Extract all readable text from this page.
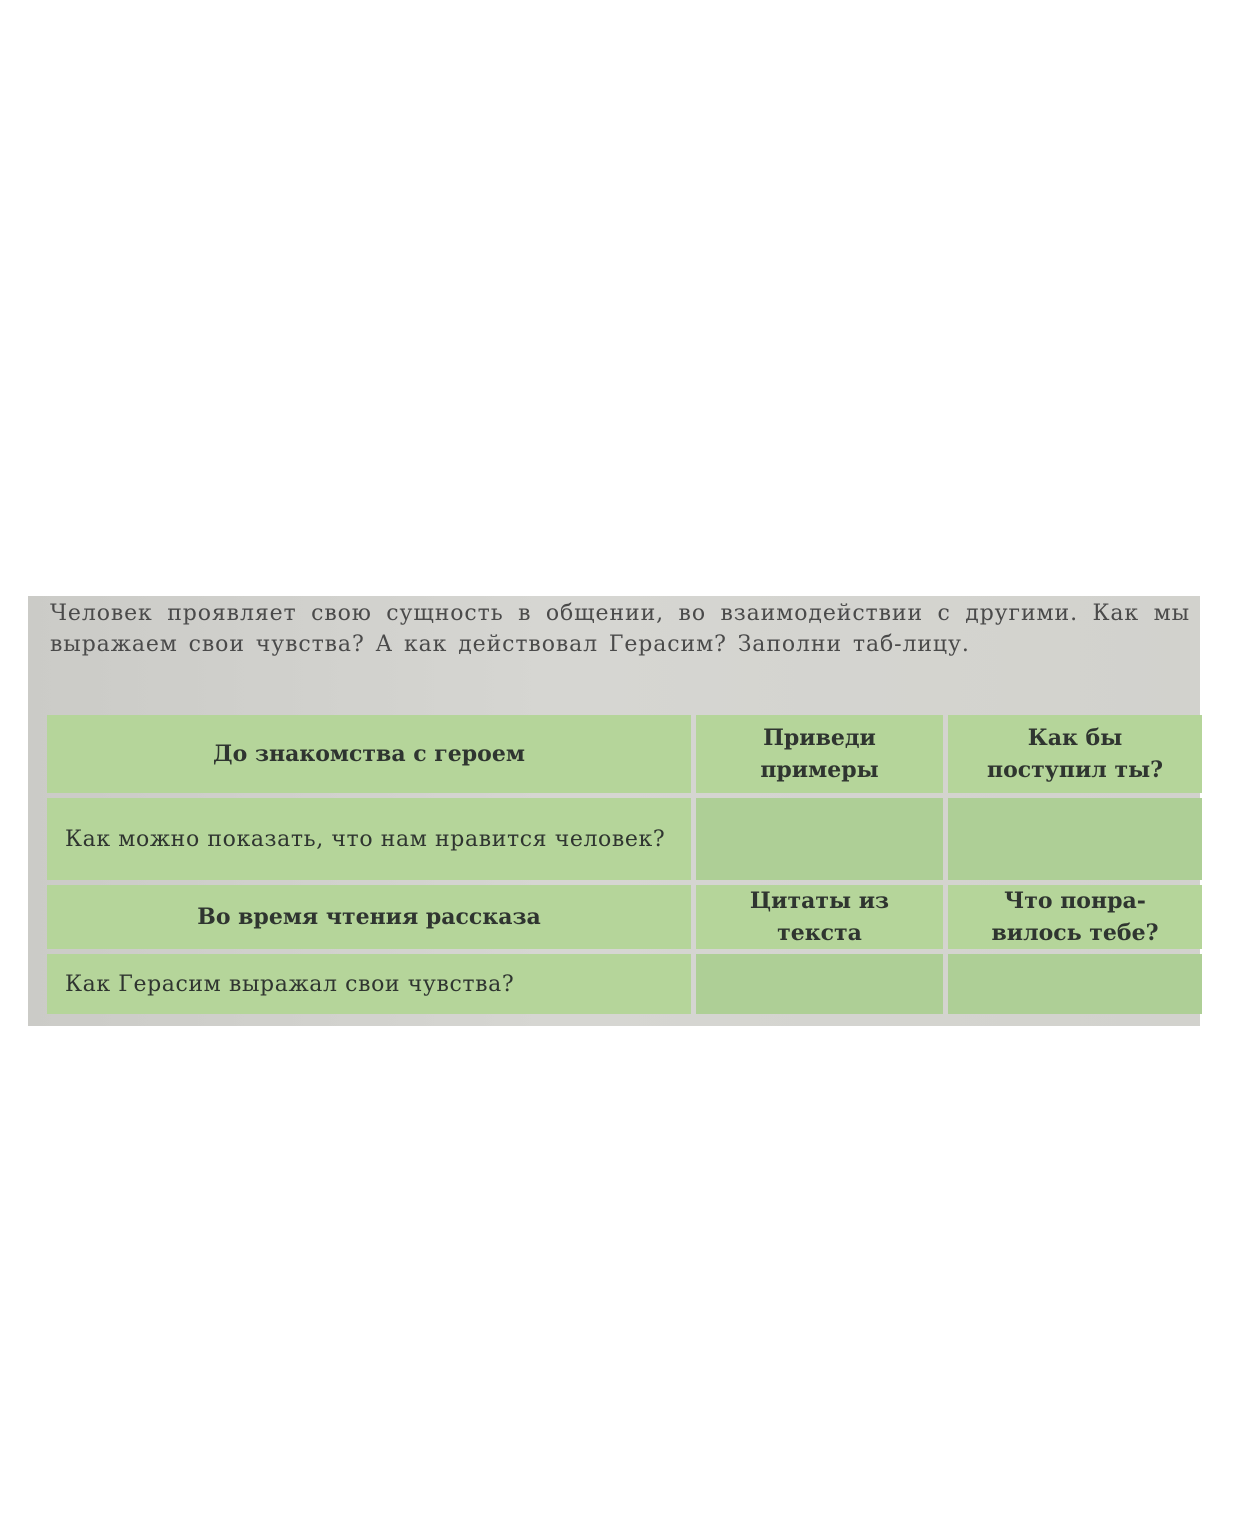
Человек проявляет свою сущность в общении, во взаимодействии с другими. Как мы выражаем свои чувства? А как действовал Герасим? Заполни таб-лицу.

До знакомства с героем	Приведи примеры	Как бы поступил ты?
Как можно показать, что нам нравится человек?		
Во время чтения рассказа	Цитаты из текста	Что понра-вилось тебе?
Как Герасим выражал свои чувства?		
